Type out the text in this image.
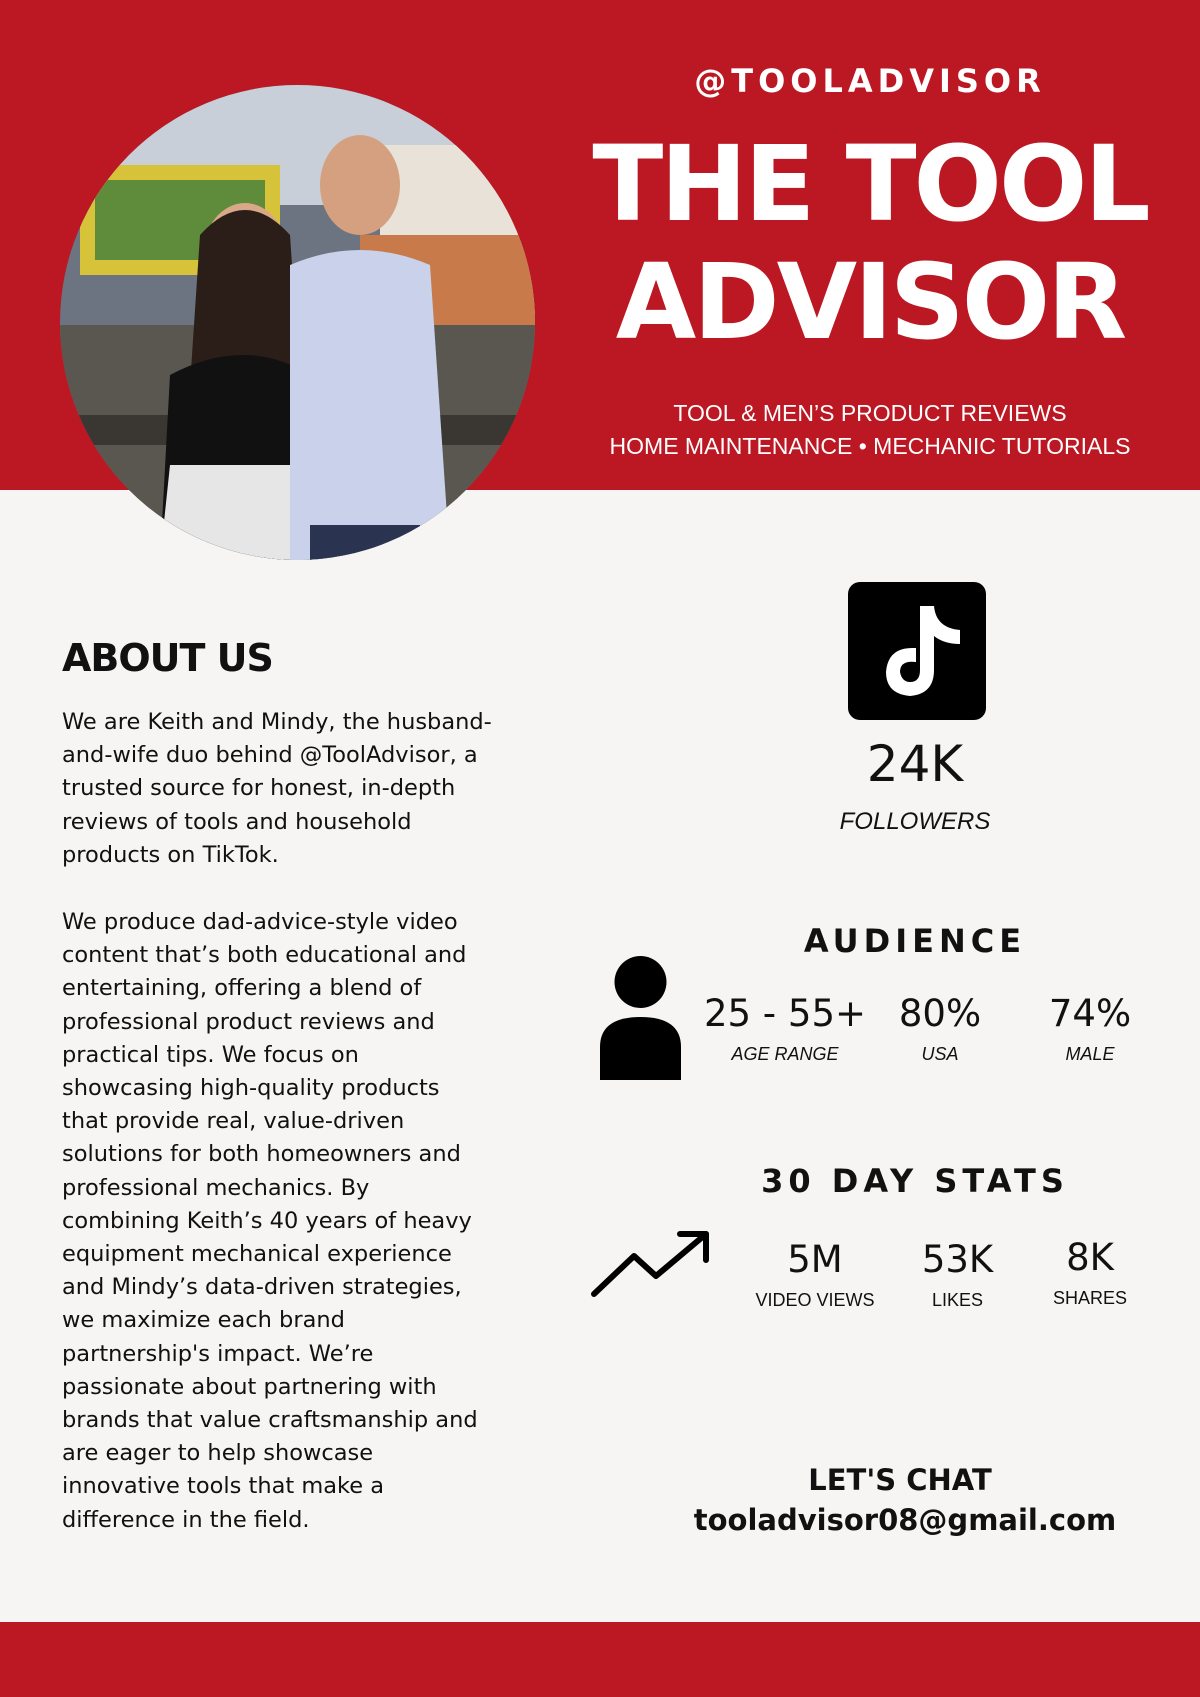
@TOOLADVISOR
THE TOOL
ADVISOR
TOOL & MEN’S PRODUCT REVIEWS
HOME MAINTENANCE • MECHANIC TUTORIALS
ABOUT US

We are Keith and Mindy, the husband-and-wife duo behind @ToolAdvisor, a trusted source for honest, in-depth reviews of tools and household products on TikTok.

We produce dad-advice-style video content that’s both educational and entertaining, offering a blend of professional product reviews and practical tips. We focus on showcasing high-quality products that provide real, value-driven solutions for both homeowners and professional mechanics. By combining Keith’s 40 years of heavy equipment mechanical experience and Mindy’s data-driven strategies, we maximize each brand partnership's impact. We’re passionate about partnering with brands that value craftsmanship and are eager to help showcase innovative tools that make a difference in the field.

24K
FOLLOWERS
AUDIENCE
25 - 55+
AGE RANGE
80%
USA
74%
MALE
30 DAY STATS
5M
VIDEO VIEWS
53K
LIKES
8K
SHARES
LET'S CHAT
tooladvisor08@gmail.com
